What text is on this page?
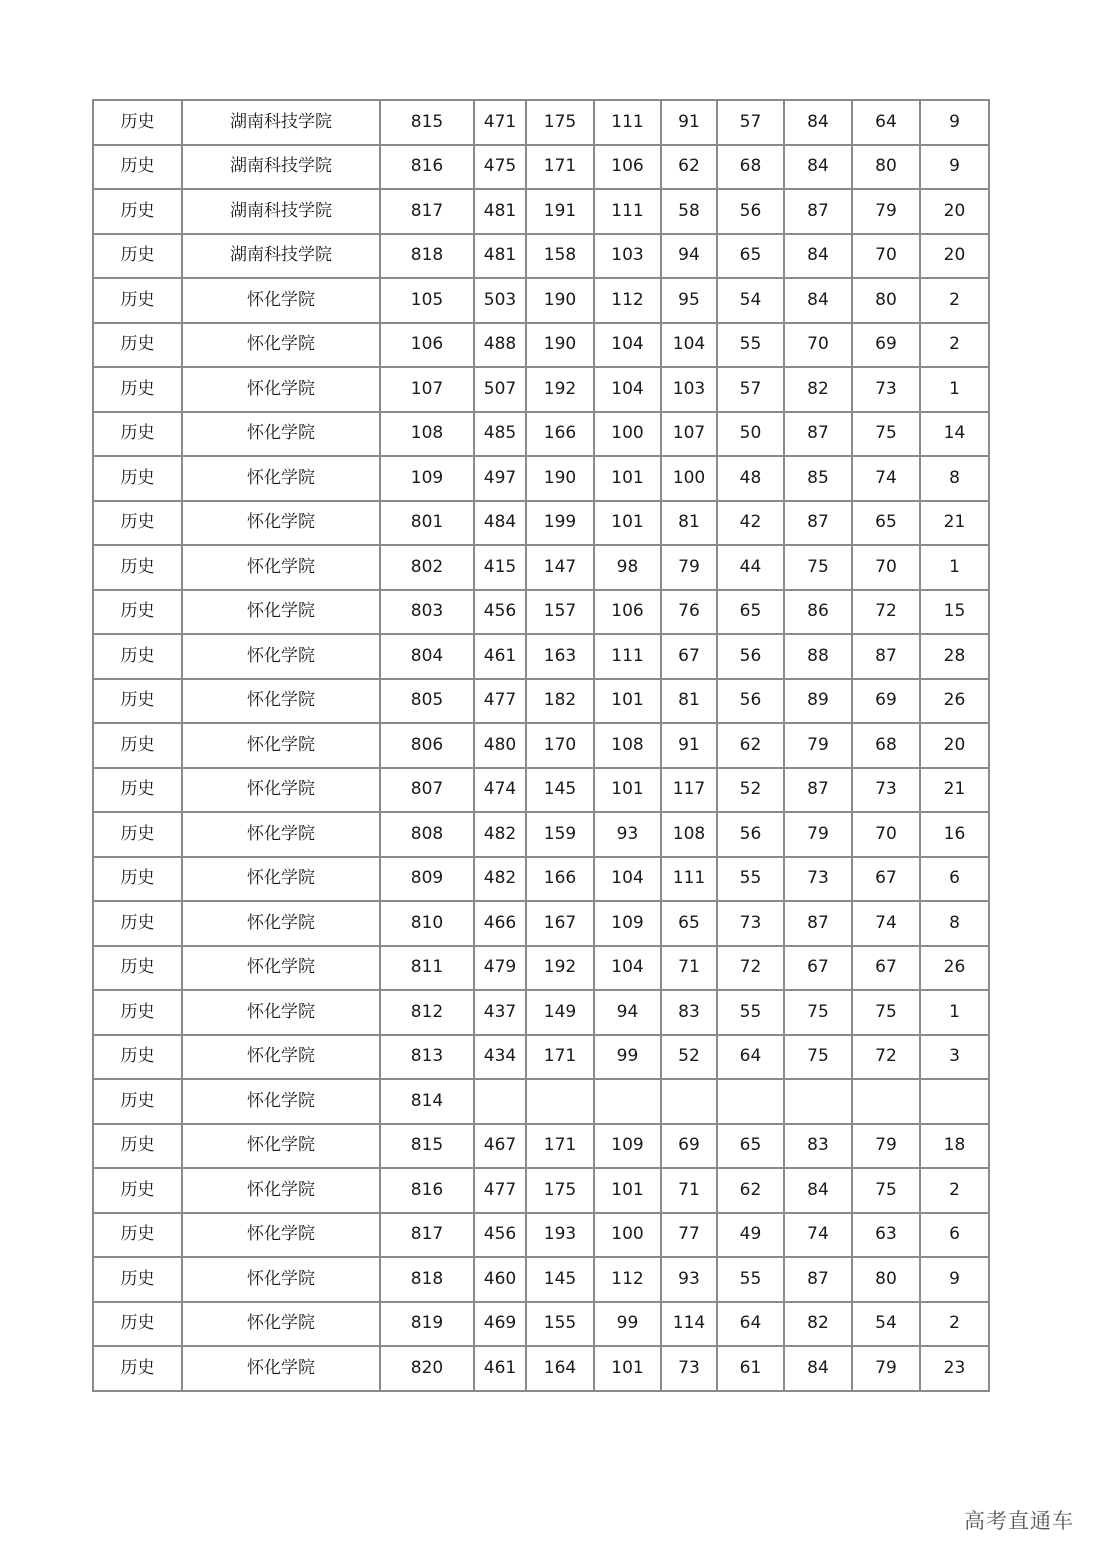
历史	湖南科技学院	815	471	175	111	91	57	84	64	9
历史	湖南科技学院	816	475	171	106	62	68	84	80	9
历史	湖南科技学院	817	481	191	111	58	56	87	79	20
历史	湖南科技学院	818	481	158	103	94	65	84	70	20
历史	怀化学院	105	503	190	112	95	54	84	80	2
历史	怀化学院	106	488	190	104	104	55	70	69	2
历史	怀化学院	107	507	192	104	103	57	82	73	1
历史	怀化学院	108	485	166	100	107	50	87	75	14
历史	怀化学院	109	497	190	101	100	48	85	74	8
历史	怀化学院	801	484	199	101	81	42	87	65	21
历史	怀化学院	802	415	147	98	79	44	75	70	1
历史	怀化学院	803	456	157	106	76	65	86	72	15
历史	怀化学院	804	461	163	111	67	56	88	87	28
历史	怀化学院	805	477	182	101	81	56	89	69	26
历史	怀化学院	806	480	170	108	91	62	79	68	20
历史	怀化学院	807	474	145	101	117	52	87	73	21
历史	怀化学院	808	482	159	93	108	56	79	70	16
历史	怀化学院	809	482	166	104	111	55	73	67	6
历史	怀化学院	810	466	167	109	65	73	87	74	8
历史	怀化学院	811	479	192	104	71	72	67	67	26
历史	怀化学院	812	437	149	94	83	55	75	75	1
历史	怀化学院	813	434	171	99	52	64	75	72	3
历史	怀化学院	814								
历史	怀化学院	815	467	171	109	69	65	83	79	18
历史	怀化学院	816	477	175	101	71	62	84	75	2
历史	怀化学院	817	456	193	100	77	49	74	63	6
历史	怀化学院	818	460	145	112	93	55	87	80	9
历史	怀化学院	819	469	155	99	114	64	82	54	2
历史	怀化学院	820	461	164	101	73	61	84	79	23
高考直通车
